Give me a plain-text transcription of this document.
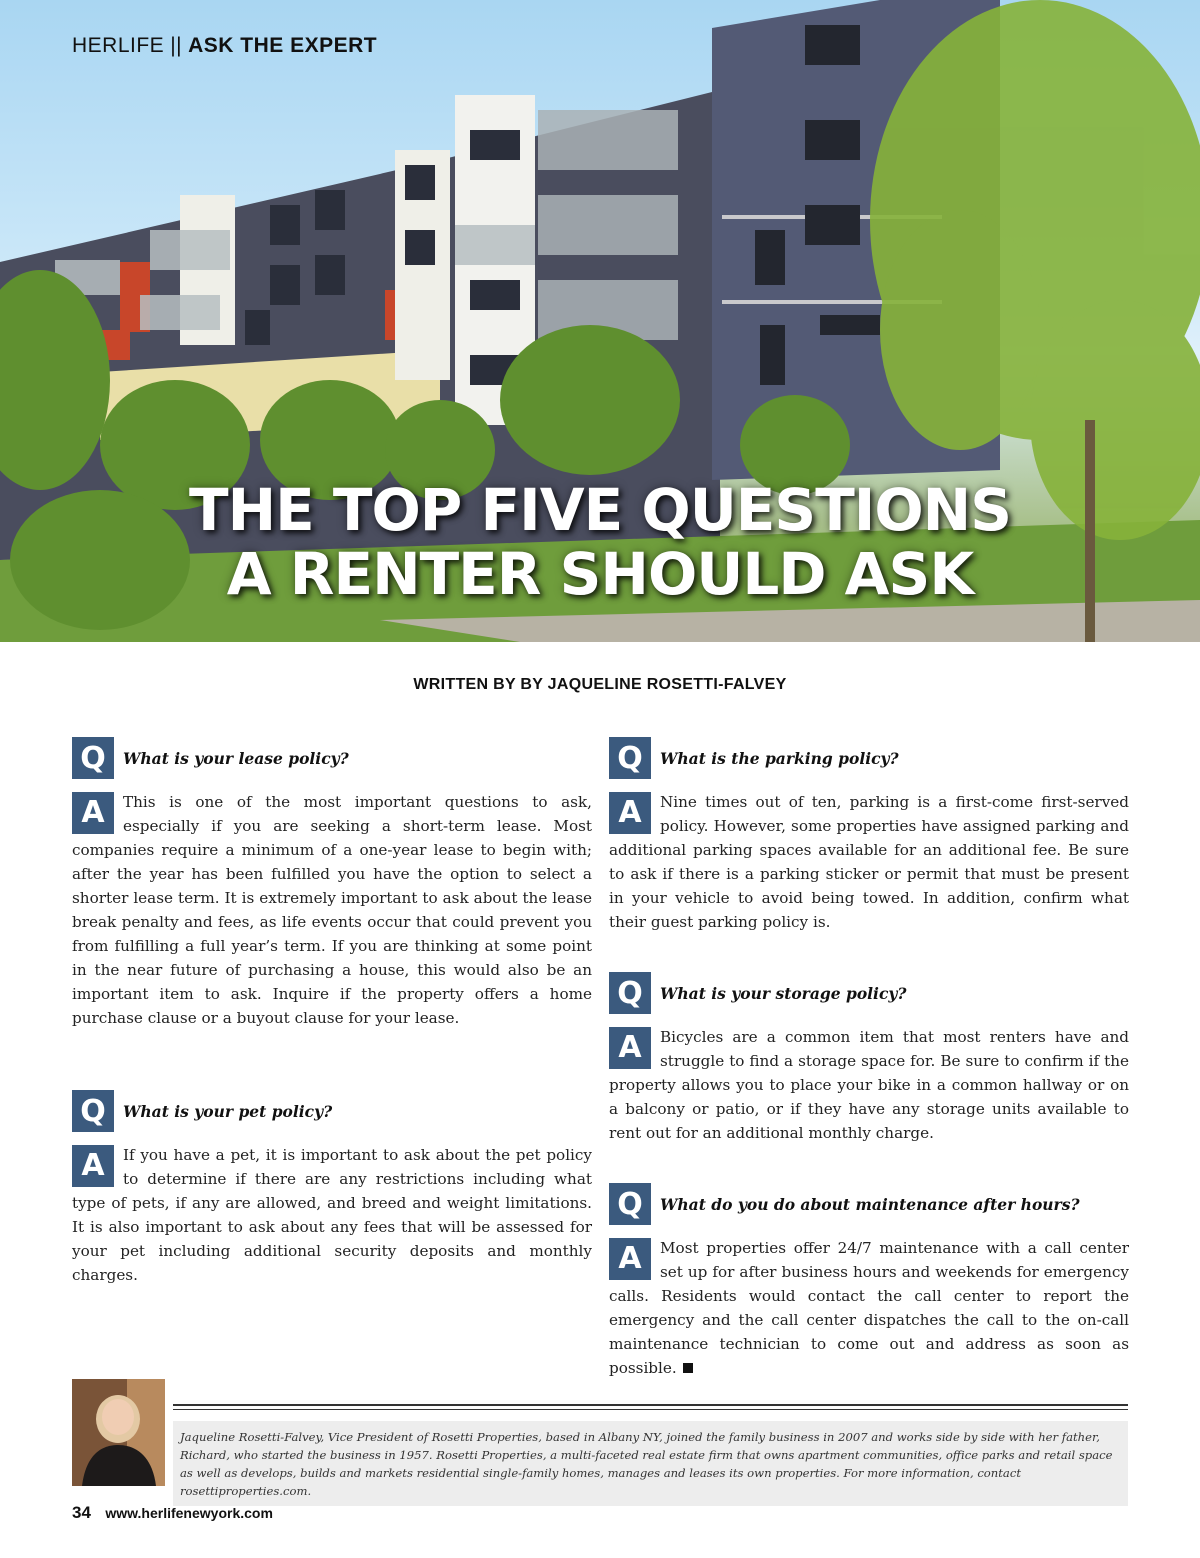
HERLIFE || ASK THE EXPERT
THE TOP FIVE QUESTIONS
A RENTER SHOULD ASK
WRITTEN BY BY JAQUELINE ROSETTI-FALVEY
Q	What is your lease policy?
A	This is one of the most important questions to ask, especially if you are seeking a short-term lease. Most companies require a minimum of a one-year lease to begin with; after the year has been fulfilled you have the option to select a shorter lease term. It is extremely important to ask about the lease break penalty and fees, as life events occur that could prevent you from fulfilling a full year’s term. If you are thinking at some point in the near future of purchasing a house, this would also be an important item to ask. Inquire if the property offers a home purchase clause or a buyout clause for your lease.
Q	What is your pet policy?
A	If you have a pet, it is important to ask about the pet policy to determine if there are any restrictions including what type of pets, if any are allowed, and breed and weight limitations. It is also important to ask about any fees that will be assessed for your pet including additional security deposits and monthly charges.
Q	What is the parking policy?
A	Nine times out of ten, parking is a first-come first-served policy. However, some properties have assigned parking and additional parking spaces available for an additional fee. Be sure to ask if there is a parking sticker or permit that must be present in your vehicle to avoid being towed. In addition, confirm what their guest parking policy is.
Q	What is your storage policy?
A	Bicycles are a common item that most renters have and struggle to find a storage space for. Be sure to confirm if the property allows you to place your bike in a common hallway or on a balcony or patio, or if they have any storage units available to rent out for an additional monthly charge.
Q	What do you do about maintenance after hours?
A	Most properties offer 24/7 maintenance with a call center set up for after business hours and weekends for emergency calls. Residents would contact the call center to report the emergency and the call center dispatches the call to the on-call maintenance technician to come out and address as soon as possible.
Jaqueline Rosetti-Falvey, Vice President of Rosetti Properties, based in Albany NY, joined the family business in 2007 and works side by side with her father, Richard, who started the business in 1957. Rosetti Properties, a multi-faceted real estate firm that owns apartment communities, office parks and retail space as well as develops, builds and markets residential single-family homes, manages and leases its own properties. For more information, contact rosettiproperties.com.
34 www.herlifenewyork.com
